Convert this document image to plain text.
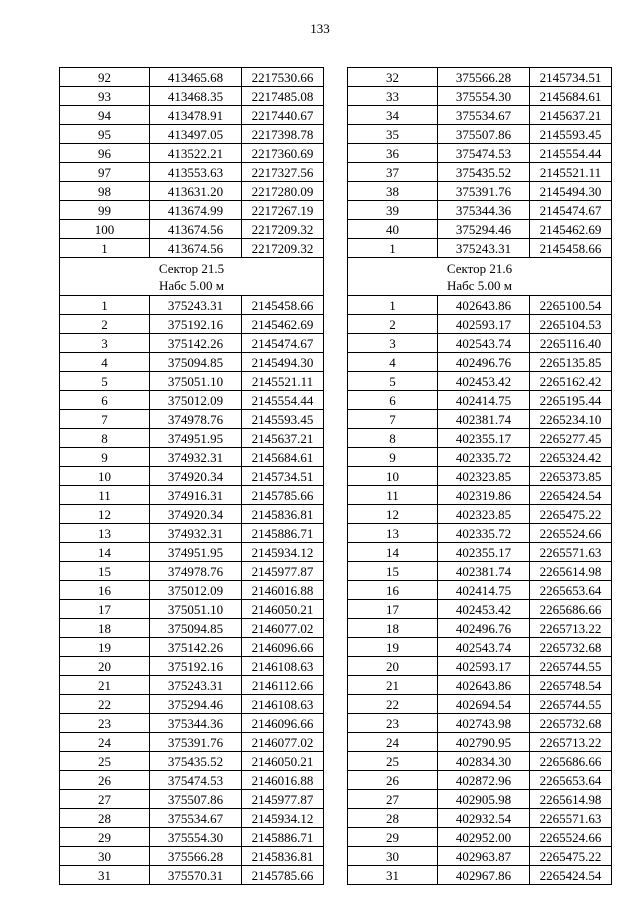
133
92	413465.68	2217530.66
93	413468.35	2217485.08
94	413478.91	2217440.67
95	413497.05	2217398.78
96	413522.21	2217360.69
97	413553.63	2217327.56
98	413631.20	2217280.09
99	413674.99	2217267.19
100	413674.56	2217209.32
1	413674.56	2217209.32

Сектор 21.5
Набс 5.00 м		

1	375243.31	2145458.66
2	375192.16	2145462.69
3	375142.26	2145474.67
4	375094.85	2145494.30
5	375051.10	2145521.11
6	375012.09	2145554.44
7	374978.76	2145593.45
8	374951.95	2145637.21
9	374932.31	2145684.61
10	374920.34	2145734.51
11	374916.31	2145785.66
12	374920.34	2145836.81
13	374932.31	2145886.71
14	374951.95	2145934.12
15	374978.76	2145977.87
16	375012.09	2146016.88
17	375051.10	2146050.21
18	375094.85	2146077.02
19	375142.26	2146096.66
20	375192.16	2146108.63
21	375243.31	2146112.66
22	375294.46	2146108.63
23	375344.36	2146096.66
24	375391.76	2146077.02
25	375435.52	2146050.21
26	375474.53	2146016.88
27	375507.86	2145977.87
28	375534.67	2145934.12
29	375554.30	2145886.71
30	375566.28	2145836.81
31	375570.31	2145785.66
32	375566.28	2145734.51
33	375554.30	2145684.61
34	375534.67	2145637.21
35	375507.86	2145593.45
36	375474.53	2145554.44
37	375435.52	2145521.11
38	375391.76	2145494.30
39	375344.36	2145474.67
40	375294.46	2145462.69
1	375243.31	2145458.66

Сектор 21.6
Набс 5.00 м		

1	402643.86	2265100.54
2	402593.17	2265104.53
3	402543.74	2265116.40
4	402496.76	2265135.85
5	402453.42	2265162.42
6	402414.75	2265195.44
7	402381.74	2265234.10
8	402355.17	2265277.45
9	402335.72	2265324.42
10	402323.85	2265373.85
11	402319.86	2265424.54
12	402323.85	2265475.22
13	402335.72	2265524.66
14	402355.17	2265571.63
15	402381.74	2265614.98
16	402414.75	2265653.64
17	402453.42	2265686.66
18	402496.76	2265713.22
19	402543.74	2265732.68
20	402593.17	2265744.55
21	402643.86	2265748.54
22	402694.54	2265744.55
23	402743.98	2265732.68
24	402790.95	2265713.22
25	402834.30	2265686.66
26	402872.96	2265653.64
27	402905.98	2265614.98
28	402932.54	2265571.63
29	402952.00	2265524.66
30	402963.87	2265475.22
31	402967.86	2265424.54
